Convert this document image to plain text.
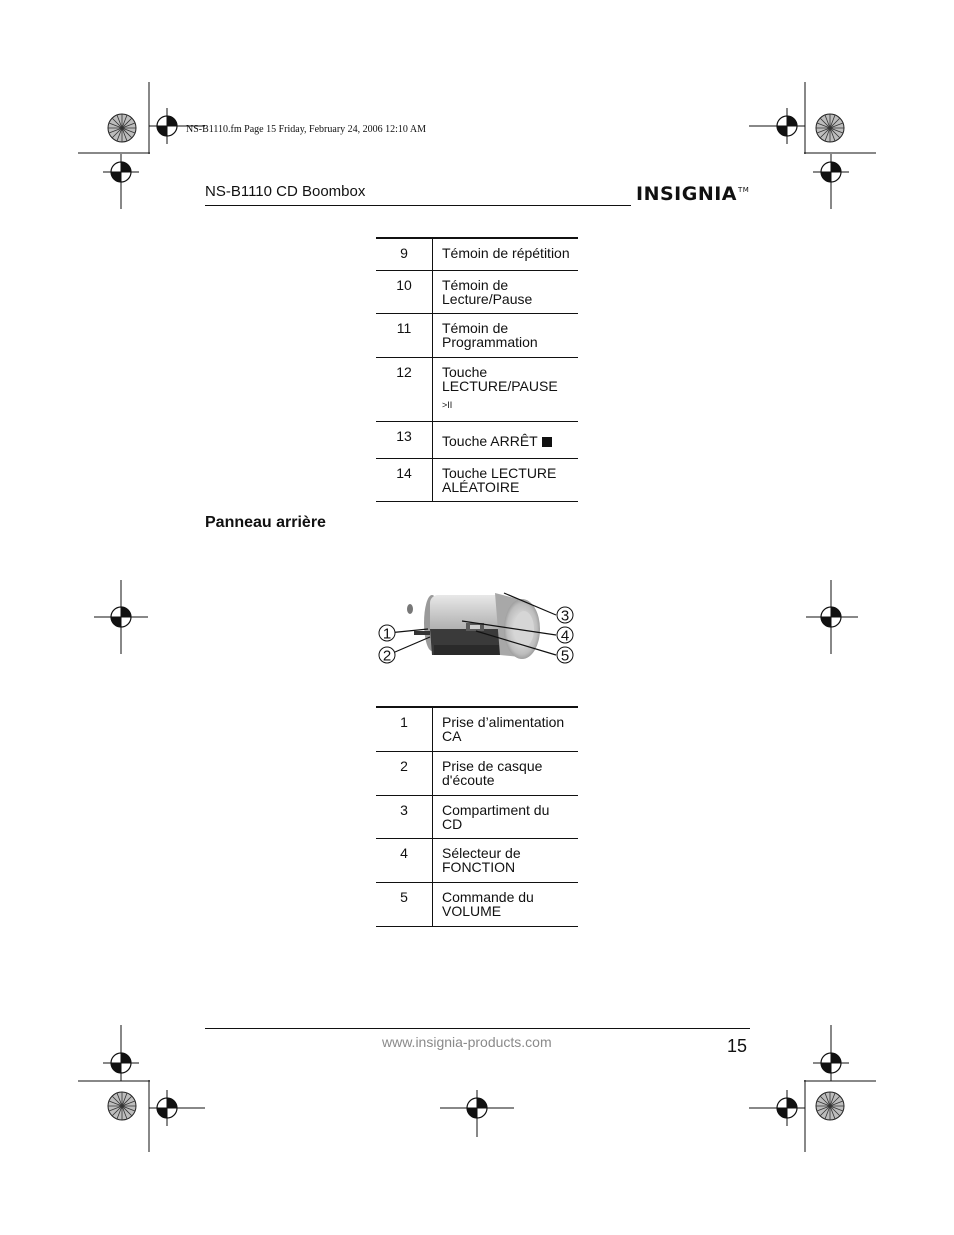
NS-B1110.fm Page 15 Friday, February 24, 2006 12:10 AM
NS-B1110 CD Boombox	INSIGNIA™
9	Témoin de répétition
10	Témoin de
Lecture/Pause
11	Témoin de
Programmation
12	Touche
LECTURE/PAUSE
>II

13	Touche ARRÊT
14	Touche LECTURE
ALÉATOIRE
Panneau arrière
1
2
3
4
5
1	Prise d’alimentation
CA
2	Prise de casque
d'écoute
3	Compartiment du
CD
4	Sélecteur de
FONCTION
5	Commande du
VOLUME
www.insignia-products.com	15
